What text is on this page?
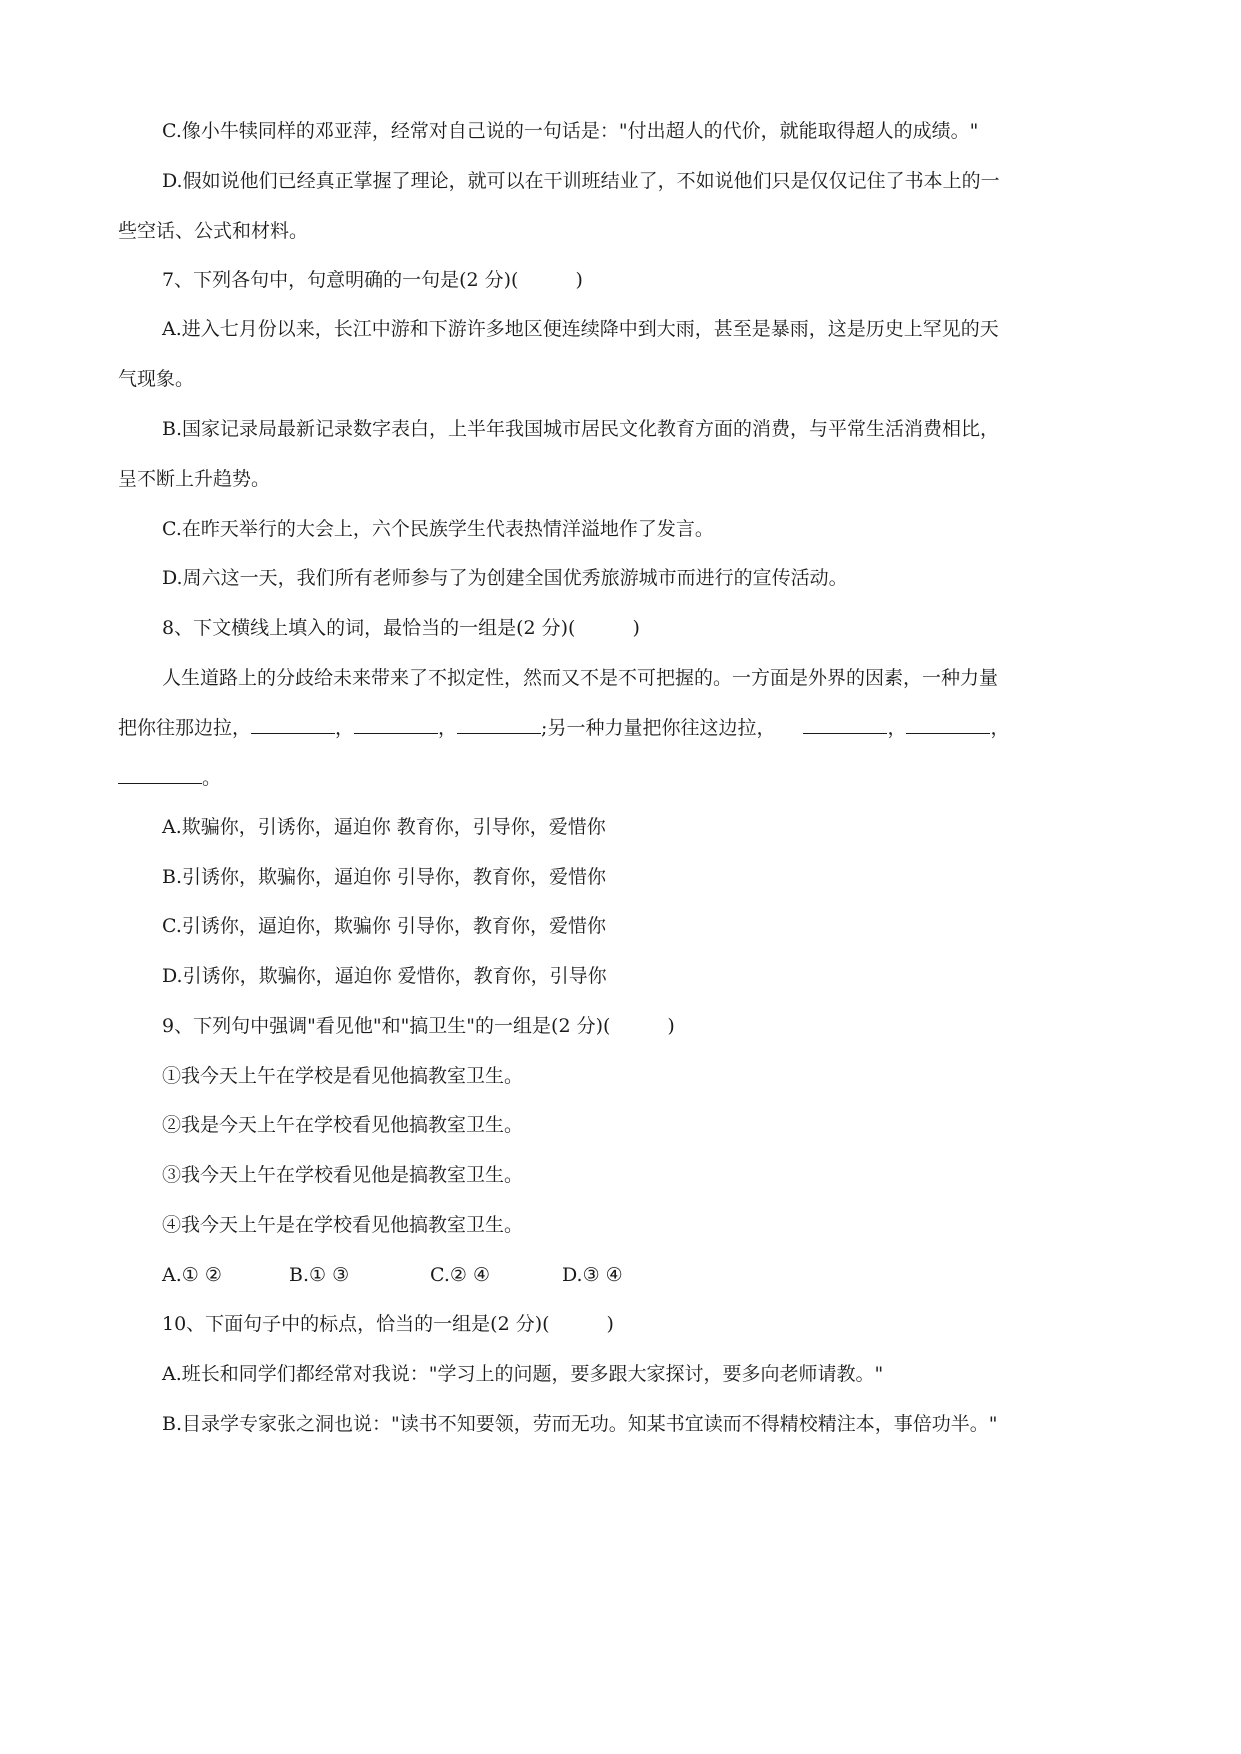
C.像小牛犊同样的邓亚萍，经常对自己说的一句话是："付出超人的代价，就能取得超人的成绩。"
D.假如说他们已经真正掌握了理论，就可以在干训班结业了，不如说他们只是仅仅记住了书本上的一
些空话、公式和材料。
7、下列各句中，句意明确的一句是(2 分)(　　　)
A.进入七月份以来，长江中游和下游许多地区便连续降中到大雨，甚至是暴雨，这是历史上罕见的天
气现象。
B.国家记录局最新记录数字表白，上半年我国城市居民文化教育方面的消费，与平常生活消费相比，
呈不断上升趋势。
C.在昨天举行的大会上，六个民族学生代表热情洋溢地作了发言。
D.周六这一天，我们所有老师参与了为创建全国优秀旅游城市而进行的宣传活动。
8、下文横线上填入的词，最恰当的一组是(2 分)(　　　)
人生道路上的分歧给未来带来了不拟定性，然而又不是不可把握的。一方面是外界的因素，一种力量
把你往那边拉，	，	，	;另一种力量把你往这边拉，	，	，
。
A.欺骗你，引诱你，逼迫你 教育你，引导你，爱惜你
B.引诱你，欺骗你，逼迫你 引导你，教育你，爱惜你
C.引诱你，逼迫你，欺骗你 引导你，教育你，爱惜你
D.引诱你，欺骗你，逼迫你 爱惜你，教育你，引导你
9、下列句中强调"看见他"和"搞卫生"的一组是(2 分)(　　　)
①我今天上午在学校是看见他搞教室卫生。
②我是今天上午在学校看见他搞教室卫生。
③我今天上午在学校看见他是搞教室卫生。
④我今天上午是在学校看见他搞教室卫生。
A.① ②	B.① ③	C.② ④	D.③ ④
10、下面句子中的标点，恰当的一组是(2 分)(　　　)
A.班长和同学们都经常对我说："学习上的问题，要多跟大家探讨，要多向老师请教。"
B.目录学专家张之洞也说："读书不知要领，劳而无功。知某书宜读而不得精校精注本，事倍功半。"
